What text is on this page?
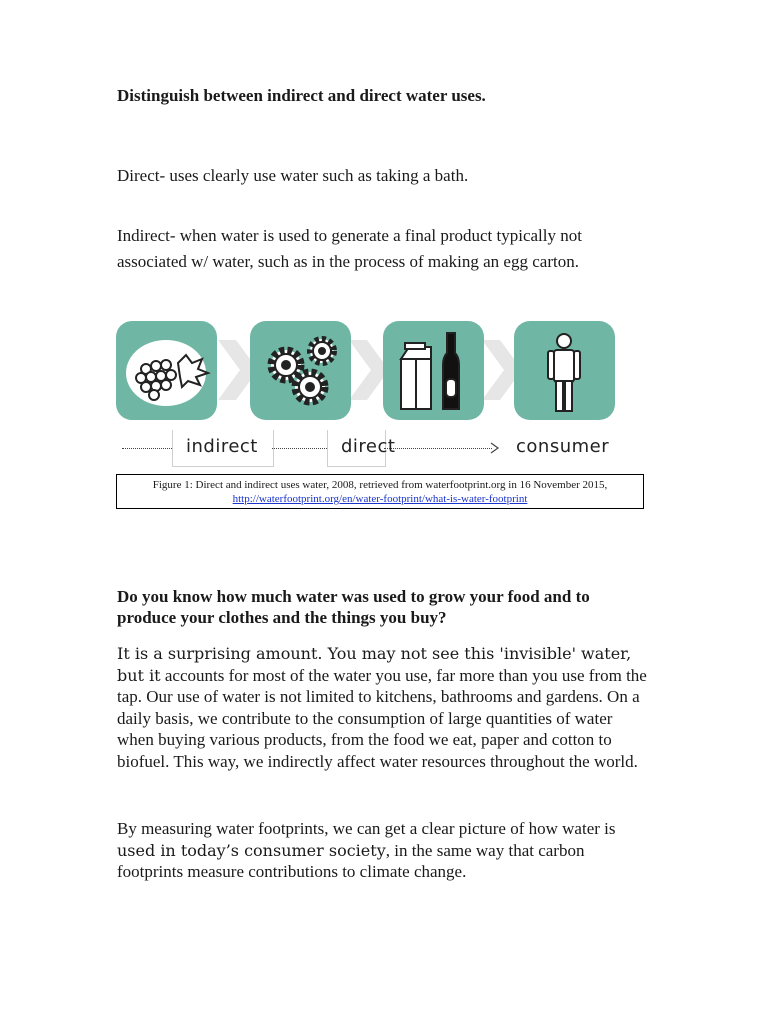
Distinguish between indirect and direct water uses.
Direct- uses clearly use water such as taking a bath.
Indirect- when water is used to generate a final product typically not
associated w/ water, such as in the process of making an egg carton.
indirect	direct	consumer
Figure 1: Direct and indirect uses water, 2008, retrieved from waterfootprint.org in 16 November 2015,
http://waterfootprint.org/en/water-footprint/what-is-water-footprint
Do you know how much water was used to grow your food and to produce your clothes and the things you buy?
It is a surprising amount. You may not see this 'invisible' water, but it accounts for most of the water you use, far more than you use from the tap. Our use of water is not limited to kitchens, bathrooms and gardens. On a daily basis, we contribute to the consumption of large quantities of water when buying various products, from the food we eat, paper and cotton to biofuel. This way, we indirectly affect water resources throughout the world.
By measuring water footprints, we can get a clear picture of how water is used in today’s consumer society, in the same way that carbon footprints measure contributions to climate change.
